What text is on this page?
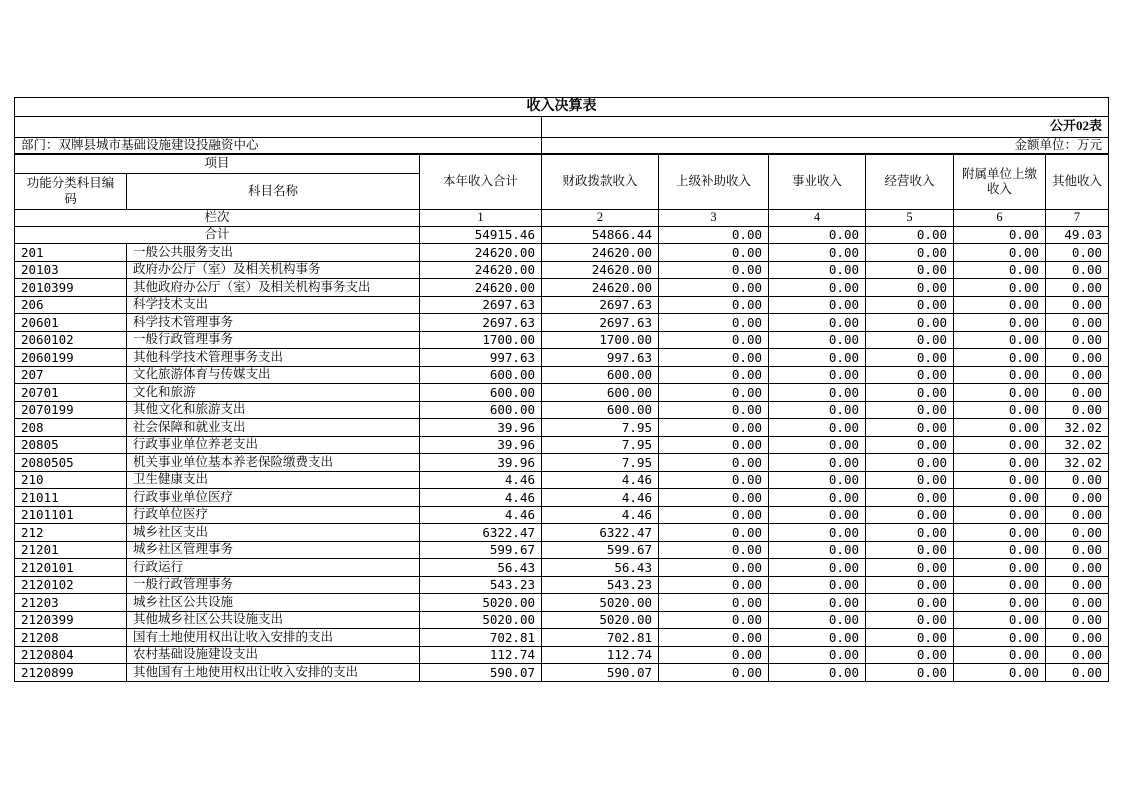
收入决算表								
			公开02表					
部门：双牌县城市基础设施建设投融资中心			金额单位：万元					
项目		本年收入合计	财政拨款收入	上级补助收入	事业收入	经营收入	附属单位上缴收入	其他收入
功能分类科目编码	科目名称							
栏次		1	2	3	4	5	6	7
合计		54915.46	54866.44	0.00	0.00	0.00	0.00	49.03
201	一般公共服务支出	24620.00	24620.00	0.00	0.00	0.00	0.00	0.00
20103	政府办公厅（室）及相关机构事务	24620.00	24620.00	0.00	0.00	0.00	0.00	0.00
2010399	其他政府办公厅（室）及相关机构事务支出	24620.00	24620.00	0.00	0.00	0.00	0.00	0.00
206	科学技术支出	2697.63	2697.63	0.00	0.00	0.00	0.00	0.00
20601	科学技术管理事务	2697.63	2697.63	0.00	0.00	0.00	0.00	0.00
2060102	一般行政管理事务	1700.00	1700.00	0.00	0.00	0.00	0.00	0.00
2060199	其他科学技术管理事务支出	997.63	997.63	0.00	0.00	0.00	0.00	0.00
207	文化旅游体育与传媒支出	600.00	600.00	0.00	0.00	0.00	0.00	0.00
20701	文化和旅游	600.00	600.00	0.00	0.00	0.00	0.00	0.00
2070199	其他文化和旅游支出	600.00	600.00	0.00	0.00	0.00	0.00	0.00
208	社会保障和就业支出	39.96	7.95	0.00	0.00	0.00	0.00	32.02
20805	行政事业单位养老支出	39.96	7.95	0.00	0.00	0.00	0.00	32.02
2080505	机关事业单位基本养老保险缴费支出	39.96	7.95	0.00	0.00	0.00	0.00	32.02
210	卫生健康支出	4.46	4.46	0.00	0.00	0.00	0.00	0.00
21011	行政事业单位医疗	4.46	4.46	0.00	0.00	0.00	0.00	0.00
2101101	行政单位医疗	4.46	4.46	0.00	0.00	0.00	0.00	0.00
212	城乡社区支出	6322.47	6322.47	0.00	0.00	0.00	0.00	0.00
21201	城乡社区管理事务	599.67	599.67	0.00	0.00	0.00	0.00	0.00
2120101	行政运行	56.43	56.43	0.00	0.00	0.00	0.00	0.00
2120102	一般行政管理事务	543.23	543.23	0.00	0.00	0.00	0.00	0.00
21203	城乡社区公共设施	5020.00	5020.00	0.00	0.00	0.00	0.00	0.00
2120399	其他城乡社区公共设施支出	5020.00	5020.00	0.00	0.00	0.00	0.00	0.00
21208	国有土地使用权出让收入安排的支出	702.81	702.81	0.00	0.00	0.00	0.00	0.00
2120804	农村基础设施建设支出	112.74	112.74	0.00	0.00	0.00	0.00	0.00
2120899	其他国有土地使用权出让收入安排的支出	590.07	590.07	0.00	0.00	0.00	0.00	0.00
